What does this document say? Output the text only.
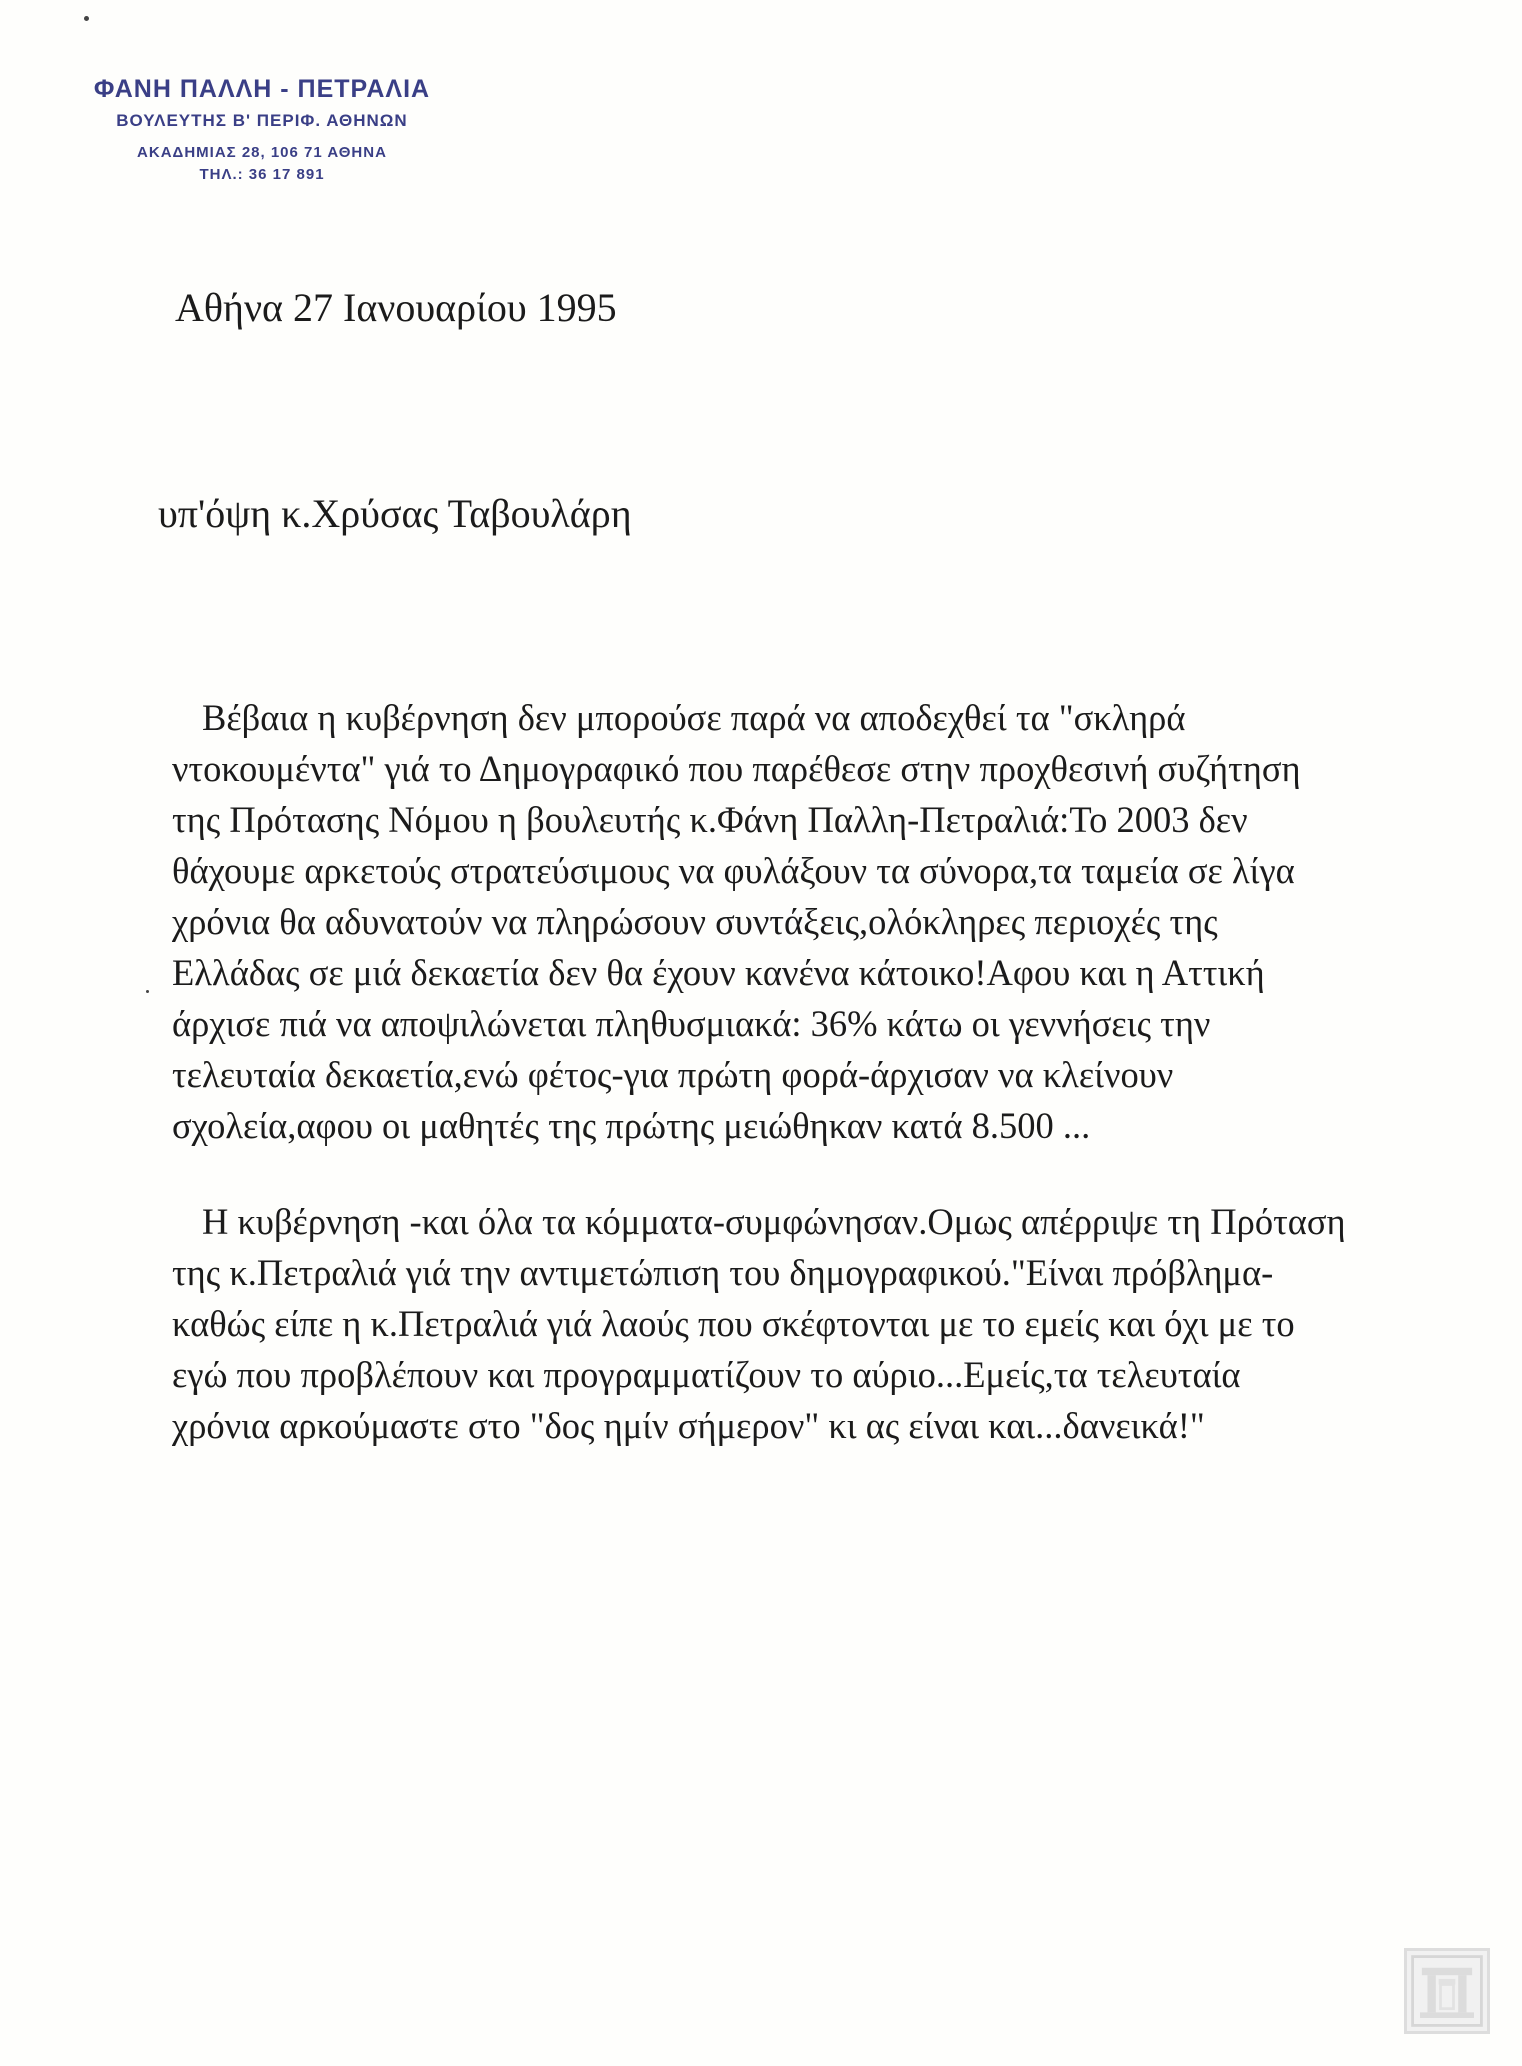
ΦΑΝΗ ΠΑΛΛΗ - ΠΕΤΡΑΛΙΑ
ΒΟΥΛΕΥΤΗΣ Β' ΠΕΡΙΦ. ΑΘΗΝΩΝ
ΑΚΑΔΗΜΙΑΣ 28, 106 71 ΑΘΗΝΑ
ΤΗΛ.: 36 17 891
Αθήνα 27 Ιανουαρίου 1995
υπ'όψη κ.Χρύσας Ταβουλάρη
Βέβαια η κυβέρνηση δεν μπορούσε παρά να αποδεχθεί τα "σκληρά
ντοκουμέντα" γιά το Δημογραφικό που παρέθεσε στην προχθεσινή συζήτηση
της Πρότασης Νόμου η βουλευτής κ.Φάνη Παλλη-Πετραλιά:Το 2003 δεν
θάχουμε αρκετούς στρατεύσιμους να φυλάξουν τα σύνορα,τα ταμεία σε λίγα
χρόνια θα αδυνατούν να πληρώσουν συντάξεις,ολόκληρες περιοχές της
Ελλάδας σε μιά δεκαετία δεν θα έχουν κανένα κάτοικο!Αφου και η Αττική
άρχισε πιά να αποψιλώνεται πληθυσμιακά: 36% κάτω οι γεννήσεις την
τελευταία δεκαετία,ενώ φέτος-για πρώτη φορά-άρχισαν να κλείνουν
σχολεία,αφου οι μαθητές της πρώτης μειώθηκαν κατά 8.500 ...
Η κυβέρνηση -και όλα τα κόμματα-συμφώνησαν.Ομως απέρριψε τη Πρόταση
της κ.Πετραλιά γιά την αντιμετώπιση του δημογραφικού."Είναι πρόβλημα-
καθώς είπε η κ.Πετραλιά γιά λαούς που σκέφτονται με το εμείς και όχι με το
εγώ που προβλέπουν και προγραμματίζουν το αύριο...Εμείς,τα τελευταία
χρόνια αρκούμαστε στο "δος ημίν σήμερον" κι ας είναι και...δανεικά!"
